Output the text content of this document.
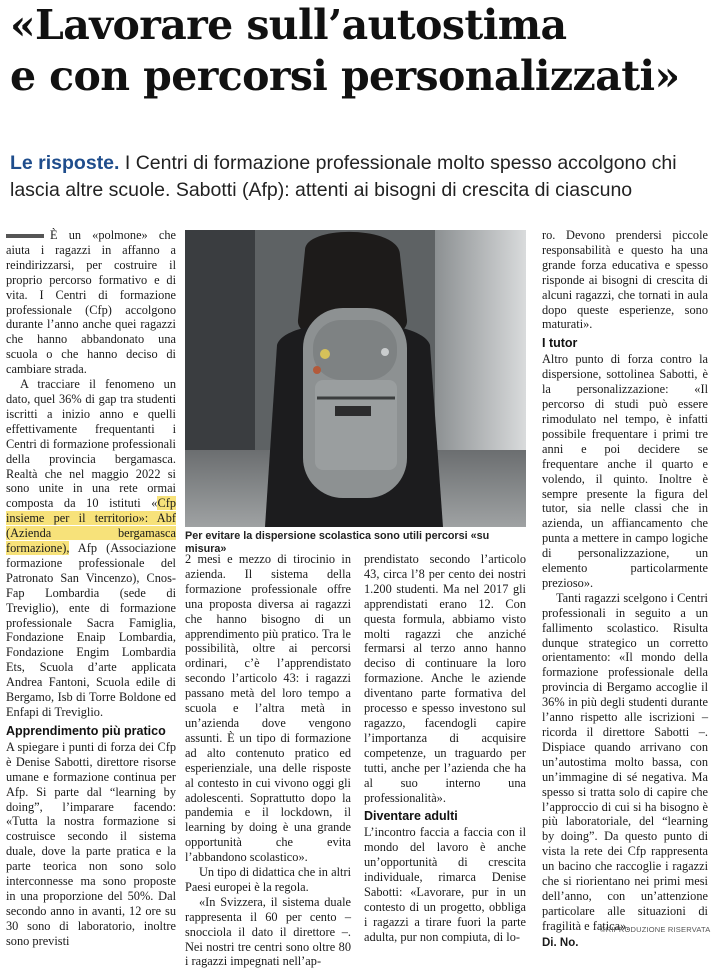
«Lavorare sull’autostima
e con percorsi personalizzati»

Le risposte. I Centri di formazione professionale molto spesso accolgono chi lascia altre scuole. Sabotti (Afp): attenti ai bisogni di crescita di ciascuno

È un «polmone» che aiuta i ragazzi in affanno a reindirizzarsi, per costruire il proprio percorso formativo e di vita. I Centri di formazione professionale (Cfp) accolgono durante l’anno anche quei ragazzi che hanno abbandonato una scuola o che hanno deciso di cambiare strada.

A tracciare il fenomeno un dato, quel 36% di gap tra studenti iscritti a inizio anno e quelli effettivamente frequentanti i Centri di formazione professionali della provincia bergamasca. Realtà che nel maggio 2022 si sono unite in una rete ormai composta da 10 istituti «Cfp insieme per il territorio»: Abf (Azienda bergamasca formazione), Afp (Associazione formazione professionale del Patronato San Vincenzo), Cnos-Fap Lombardia (sede di Treviglio), ente di formazione professionale Sacra Famiglia, Fondazione Enaip Lombardia, Fondazione Engim Lombardia Ets, Scuola d’arte applicata Andrea Fantoni, Scuola edile di Bergamo, Isb di Torre Boldone ed Enfapi di Treviglio.

Apprendimento più pratico

A spiegare i punti di forza dei Cfp è Denise Sabotti, direttore risorse umane e formazione continua per Afp. Si parte dal “learning by doing”, l’imparare facendo: «Tutta la nostra formazione si costruisce secondo il sistema duale, dove la parte pratica e la parte teorica non sono solo interconnesse ma sono proposte in una proporzione del 50%. Dal secondo anno in avanti, 12 ore su 30 sono di laboratorio, inoltre sono previsti

Per evitare la dispersione scolastica sono utili percorsi «su misura»

2 mesi e mezzo di tirocinio in azienda. Il sistema della formazione professionale offre una proposta diversa ai ragazzi che hanno bisogno di un apprendimento più pratico. Tra le possibilità, oltre ai percorsi ordinari, c’è l’apprendistato secondo l’articolo 43: i ragazzi passano metà del loro tempo a scuola e l’altra metà in un’azienda dove vengono assunti. È un tipo di formazione ad alto contenuto pratico ed esperienziale, una delle risposte al contesto in cui vivono oggi gli adolescenti. Soprattutto dopo la pandemia e il lockdown, il learning by doing è una grande opportunità che evita l’abbandono scolastico».

Un tipo di didattica che in altri Paesi europei è la regola.

«In Svizzera, il sistema duale rappresenta il 60 per cento – snocciola il dato il direttore –. Nei nostri tre centri sono oltre 80 i ragazzi impegnati nell’ap-

prendistato secondo l’articolo 43, circa l’8 per cento dei nostri 1.200 studenti. Ma nel 2017 gli apprendistati erano 12. Con questa formula, abbiamo visto molti ragazzi che anziché fermarsi al terzo anno hanno deciso di continuare la loro formazione. Anche le aziende diventano parte formativa del processo e spesso investono sul ragazzo, facendogli capire l’importanza di acquisire competenze, un traguardo per tutti, anche per l’azienda che ha al suo interno una professionalità».

Diventare adulti

L’incontro faccia a faccia con il mondo del lavoro è anche un’opportunità di crescita individuale, rimarca Denise Sabotti: «Lavorare, pur in un contesto di un progetto, obbliga i ragazzi a tirare fuori la parte adulta, pur non compiuta, di lo-

ro. Devono prendersi piccole responsabilità e questo ha una grande forza educativa e spesso risponde ai bisogni di crescita di alcuni ragazzi, che tornati in aula dopo queste esperienze, sono maturati».

I tutor

Altro punto di forza contro la dispersione, sottolinea Sabotti, è la personalizzazione: «Il percorso di studi può essere rimodulato nel tempo, è infatti possibile frequentare i primi tre anni e poi decidere se frequentare anche il quarto e volendo, il quinto. Inoltre è sempre presente la figura del tutor, sia nelle classi che in azienda, un affiancamento che punta a mettere in campo logiche di personalizzazione, un elemento particolarmente prezioso».

Tanti ragazzi scelgono i Centri professionali in seguito a un fallimento scolastico. Risulta dunque strategico un corretto orientamento: «Il mondo della formazione professionale della provincia di Bergamo accoglie il 36% in più degli studenti durante l’anno rispetto alle iscrizioni – ricorda il direttore Sabotti –. Dispiace quando arrivano con un’autostima molto bassa, con un’immagine di sé negativa. Ma spesso si tratta solo di capire che l’approccio di cui si ha bisogno è più laboratoriale, del “learning by doing”. Da questo punto di vista la rete dei Cfp rappresenta un bacino che raccoglie i ragazzi che si riorientano nei primi mesi dell’anno, con un’attenzione particolare alle situazioni di fragilità e fatica».

Di. No.
©RIPRODUZIONE RISERVATA
